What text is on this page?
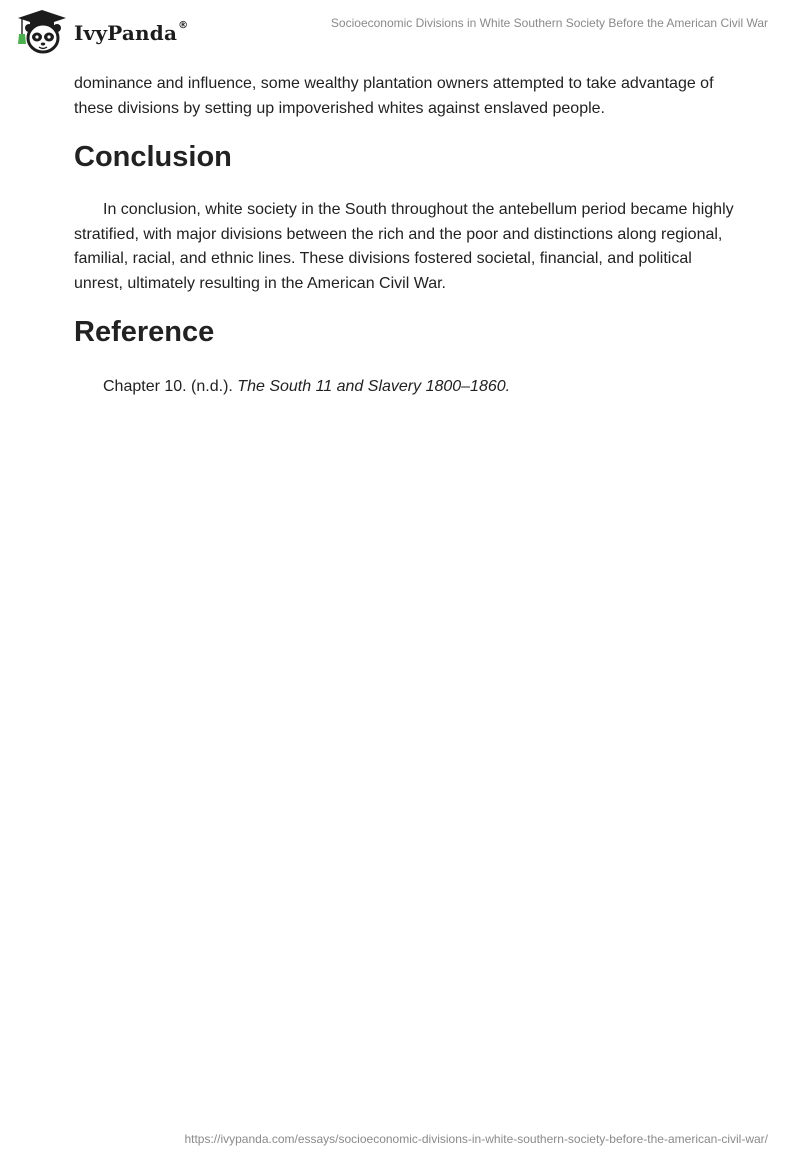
IvyPanda ®	Socioeconomic Divisions in White Southern Society Before the American Civil War

dominance and influence, some wealthy plantation owners attempted to take advantage of these divisions by setting up impoverished whites against enslaved people.

Conclusion

In conclusion, white society in the South throughout the antebellum period became highly stratified, with major divisions between the rich and the poor and distinctions along regional, familial, racial, and ethnic lines. These divisions fostered societal, financial, and political unrest, ultimately resulting in the American Civil War.

Reference

Chapter 10. (n.d.). The South 11 and Slavery 1800–1860.

https://ivypanda.com/essays/socioeconomic-divisions-in-white-southern-society-before-the-american-civil-war/
